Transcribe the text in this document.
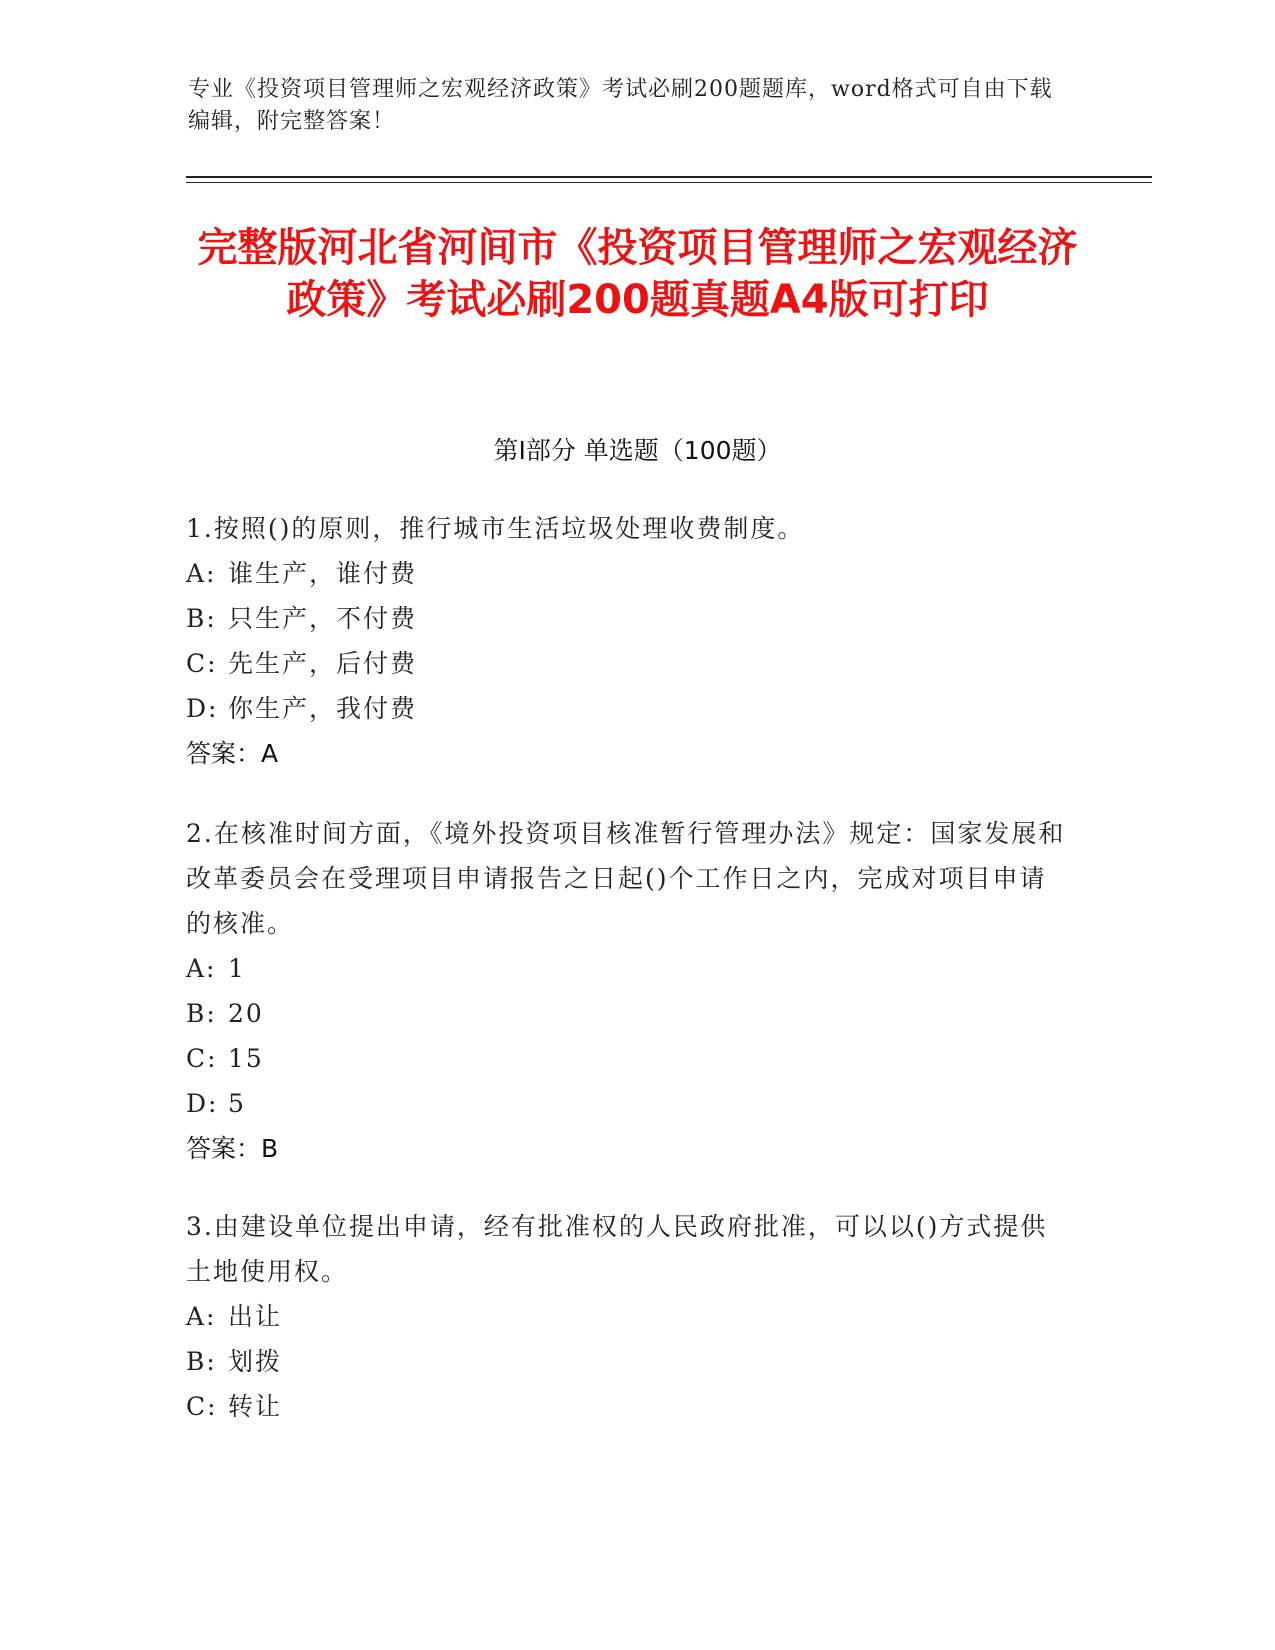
专业《投资项目管理师之宏观经济政策》考试必刷200题题库，word格式可自由下载编辑，附完整答案！
完整版河北省河间市《投资项目管理师之宏观经济政策》考试必刷200题真题A4版可打印
第I部分 单选题（100题）

1.按照()的原则，推行城市生活垃圾处理收费制度。

A: 谁生产，谁付费

B: 只生产，不付费

C: 先生产，后付费

D: 你生产，我付费

答案：A

2.在核准时间方面，《境外投资项目核准暂行管理办法》规定：国家发展和改革委员会在受理项目申请报告之日起()个工作日之内，完成对项目申请的核准。

A: 1

B: 20

C: 15

D: 5

答案：B

3.由建设单位提出申请，经有批准权的人民政府批准，可以以()方式提供土地使用权。

A: 出让

B: 划拨

C: 转让
